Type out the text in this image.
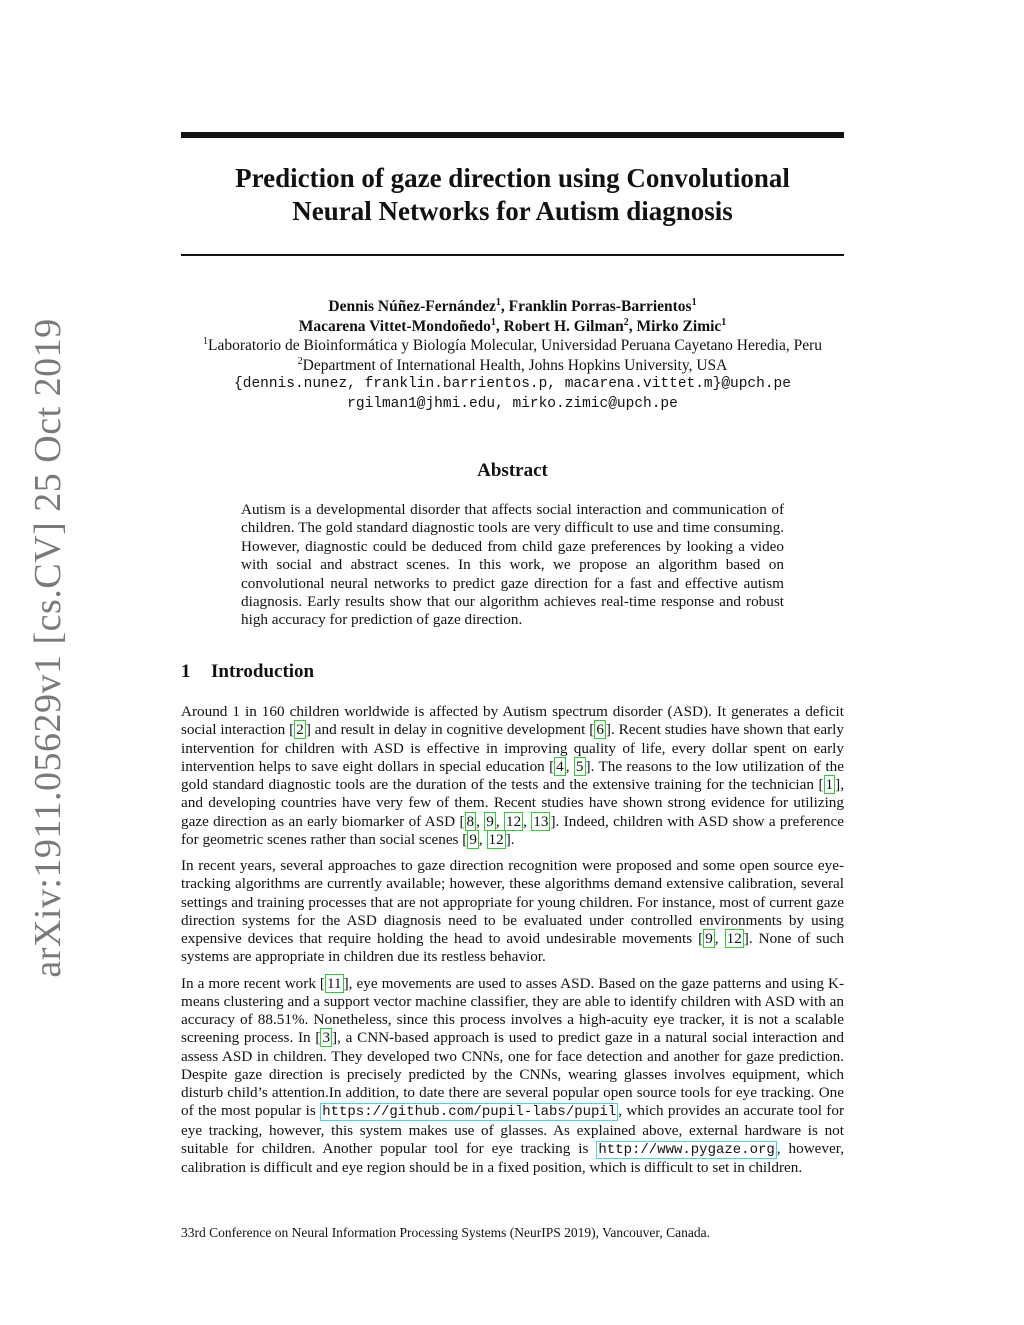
arXiv:1911.05629v1 [cs.CV] 25 Oct 2019
Prediction of gaze direction using Convolutional
Neural Networks for Autism diagnosis
Dennis Núñez-Fernández$^1$, Franklin Porras-Barrientos$^1$
Macarena Vittet-Mondoñedo$^1$, Robert H. Gilman$^2$, Mirko Zimic$^1$
$^1$Laboratorio de Bioinformática y Biología Molecular, Universidad Peruana Cayetano Heredia, Peru
$^2$Department of International Health, Johns Hopkins University, USA
{dennis.nunez, franklin.barrientos.p, macarena.vittet.m}@upch.pe
rgilman1@jhmi.edu, mirko.zimic@upch.pe
Abstract
Autism is a developmental disorder that affects social interaction and communication of children. The gold standard diagnostic tools are very difficult to use and time consuming. However, diagnostic could be deduced from child gaze preferences by looking a video with social and abstract scenes. In this work, we propose an algorithm based on convolutional neural networks to predict gaze direction for a fast and effective autism diagnosis. Early results show that our algorithm achieves real-time response and robust high accuracy for prediction of gaze direction.
1 Introduction

Around 1 in 160 children worldwide is affected by Autism spectrum disorder (ASD). It generates a deficit social interaction [ 2 ] and result in delay in cognitive development [ 6 ]. Recent studies have shown that early intervention for children with ASD is effective in improving quality of life, every dollar spent on early intervention helps to save eight dollars in special education [ 4 , 5 ]. The reasons to the low utilization of the gold standard diagnostic tools are the duration of the tests and the extensive training for the technician [ 1 ], and developing countries have very few of them. Recent studies have shown strong evidence for utilizing gaze direction as an early biomarker of ASD [ 8 , 9 , 12 , 13 ]. Indeed, children with ASD show a preference for geometric scenes rather than social scenes [ 9 , 12 ].

In recent years, several approaches to gaze direction recognition were proposed and some open source eye-tracking algorithms are currently available; however, these algorithms demand extensive calibration, several settings and training processes that are not appropriate for young children. For instance, most of current gaze direction systems for the ASD diagnosis need to be evaluated under controlled environments by using expensive devices that require holding the head to avoid undesirable movements [ 9 , 12 ]. None of such systems are appropriate in children due its restless behavior.

In a more recent work [ 11 ], eye movements are used to asses ASD. Based on the gaze patterns and using K-means clustering and a support vector machine classifier, they are able to identify children with ASD with an accuracy of 88.51%. Nonetheless, since this process involves a high-acuity eye tracker, it is not a scalable screening process. In [ 3 ], a CNN-based approach is used to predict gaze in a natural social interaction and assess ASD in children. They developed two CNNs, one for face detection and another for gaze prediction. Despite gaze direction is precisely predicted by the CNNs, wearing glasses involves equipment, which disturb child’s attention.In addition, to date there are several popular open source tools for eye tracking. One of the most popular is https://github.com/pupil-labs/pupil , which provides an accurate tool for eye tracking, however, this system makes use of glasses. As explained above, external hardware is not suitable for children. Another popular tool for eye tracking is http://www.pygaze.org , however, calibration is difficult and eye region should be in a fixed position, which is difficult to set in children.

33rd Conference on Neural Information Processing Systems (NeurIPS 2019), Vancouver, Canada.
